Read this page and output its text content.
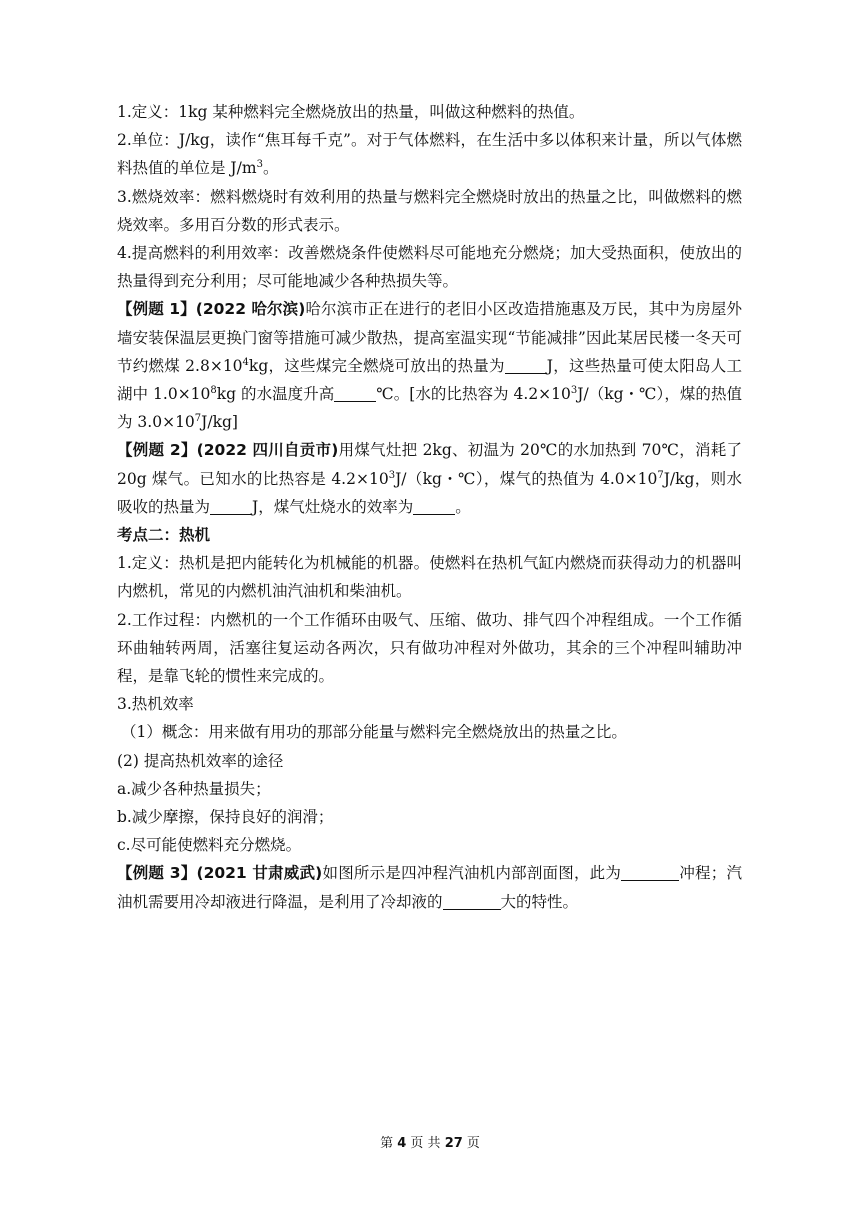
1.定义：1kg 某种燃料完全燃烧放出的热量，叫做这种燃料的热值。

2.单位：J/kg，读作“焦耳每千克”。对于气体燃料，在生活中多以体积来计量，所以气体燃料热值的单位是 $J/m^3$。

3.燃烧效率：燃料燃烧时有效利用的热量与燃料完全燃烧时放出的热量之比，叫做燃料的燃烧效率。多用百分数的形式表示。

4.提高燃料的利用效率：改善燃烧条件使燃料尽可能地充分燃烧；加大受热面积，使放出的热量得到充分利用；尽可能地减少各种热损失等。

【例题 1】(2022 哈尔滨)哈尔滨市正在进行的老旧小区改造措施惠及万民，其中为房屋外墙安装保温层更换门窗等措施可减少散热，提高室温实现“节能减排”因此某居民楼一冬天可节约燃煤 $2.8\times 10^4kg$，这些煤完全燃烧可放出的热量为	J，这些热量可使太阳岛人工湖中 $1.0\times 10^8kg$ 的水温度升高	℃。[水的比热容为 $4.2\times 10^3J/(kg$・℃），煤的热值为 $3.0\times 10^7J/kg$]

【例题 2】(2022 四川自贡市)用煤气灶把 2kg、初温为 20℃的水加热到 70℃，消耗了 20g 煤气。已知水的比热容是 $4.2\times 10^3J/(kg$・℃），煤气的热值为 $4.0\times 10^7J/kg$，则水吸收的热量为	J，煤气灶烧水的效率为	。

考点二：热机

1.定义：热机是把内能转化为机械能的机器。使燃料在热机气缸内燃烧而获得动力的机器叫内燃机，常见的内燃机油汽油机和柴油机。

2.工作过程：内燃机的一个工作循环由吸气、压缩、做功、排气四个冲程组成。一个工作循环曲轴转两周，活塞往复运动各两次，只有做功冲程对外做功，其余的三个冲程叫辅助冲程，是靠飞轮的惯性来完成的。

3.热机效率

（1）概念：用来做有用功的那部分能量与燃料完全燃烧放出的热量之比。

(2) 提高热机效率的途径

a.减少各种热量损失；

b.减少摩擦，保持良好的润滑；

c.尽可能使燃料充分燃烧。

【例题 3】(2021 甘肃威武)如图所示是四冲程汽油机内部剖面图，此为	冲程；汽油机需要用冷却液进行降温，是利用了冷却液的	大的特性。

第 4 页 共 27 页
